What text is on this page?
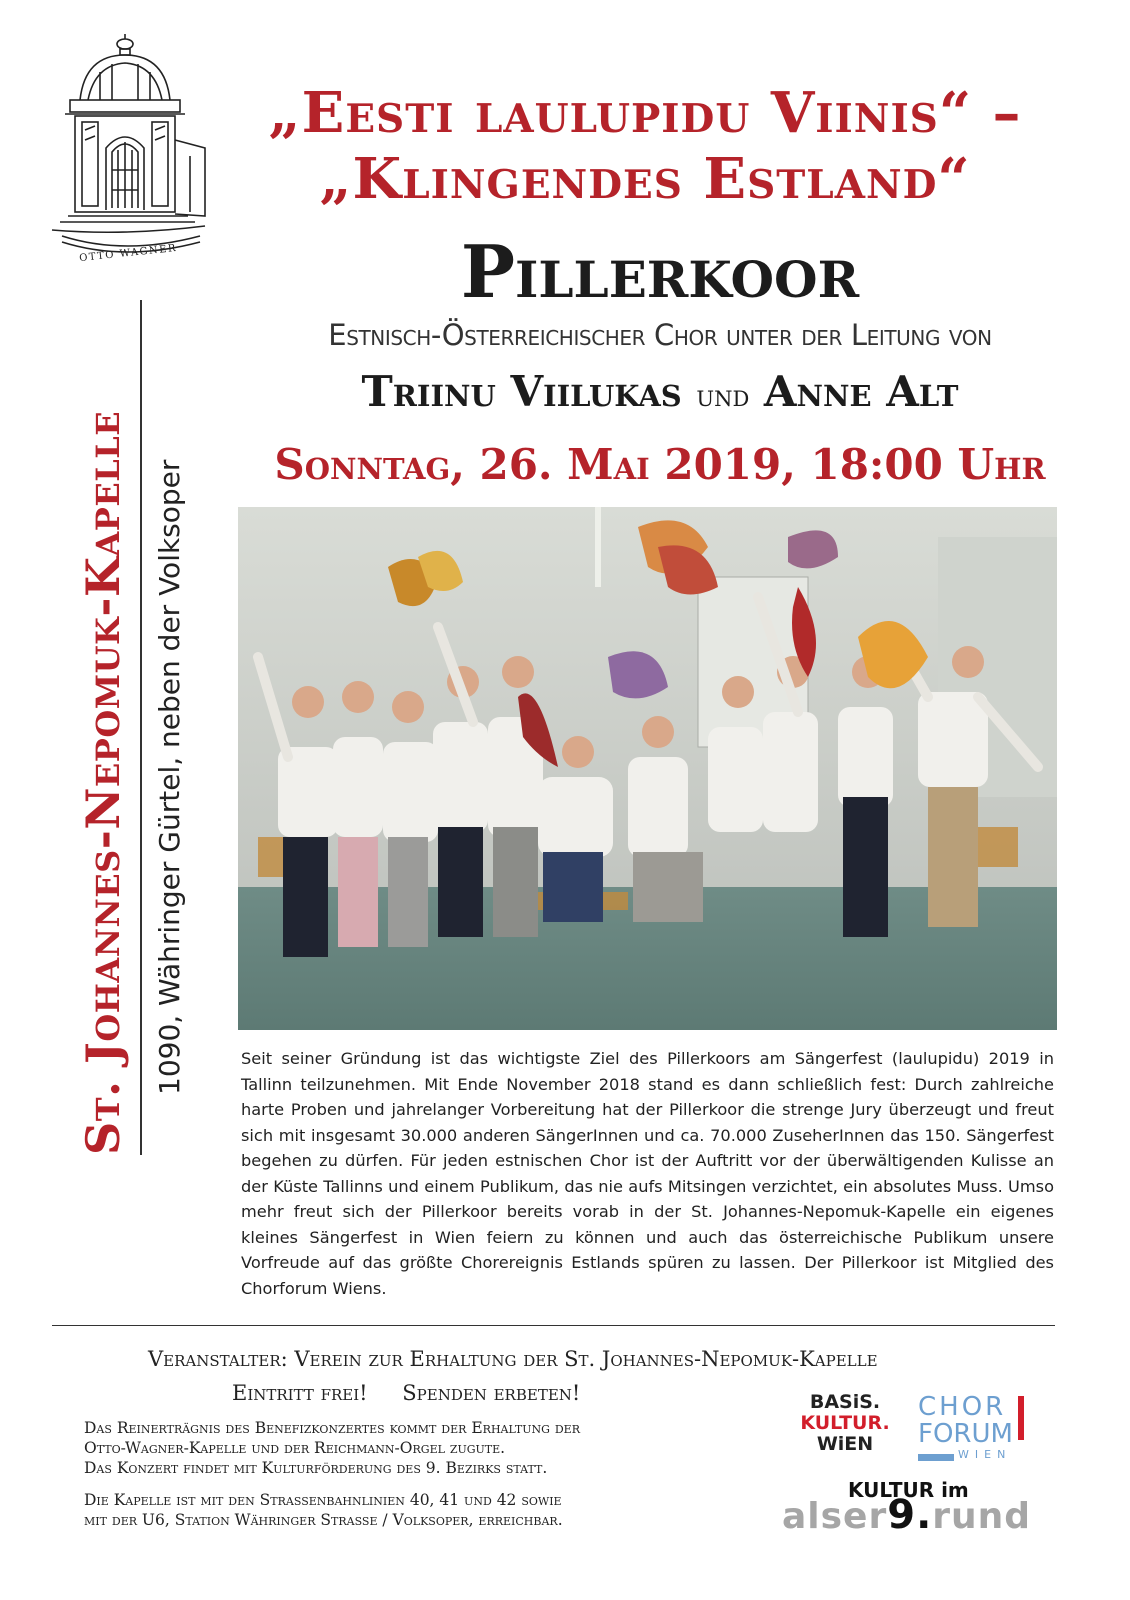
OTTO WAGNER
„Eesti laulupidu Viinis“ –
„Klingendes Estland“
Pillerkoor
Estnisch-Österreichischer Chor unter der Leitung von
Triinu Viilukas und Anne Alt
Sonntag, 26. Mai 2019, 18:00 Uhr
St. Johannes-Nepomuk-Kapelle 1090, Währinger Gürtel, neben der Volksoper	Seit seiner Gründung ist das wichtigste Ziel des Pillerkoors am Sängerfest (laulupidu) 2019 in Tallinn teilzunehmen. Mit Ende November 2018 stand es dann schließlich fest: Durch zahlreiche harte Proben und jahrelanger Vorbereitung hat der Pillerkoor die strenge Jury überzeugt und freut sich mit insgesamt 30.000 anderen SängerInnen und ca. 70.000 ZuseherInnen das 150. Sängerfest begehen zu dürfen. Für jeden estnischen Chor ist der Auftritt vor der überwältigenden Kulisse an der Küste Tallinns und einem Publikum, das nie aufs Mitsingen verzichtet, ein absolutes Muss. Umso mehr freut sich der Pillerkoor bereits vorab in der St. Johannes-Nepomuk-Kapelle ein eigenes kleines Sängerfest in Wien feiern zu können und auch das österreichische Publikum unsere Vorfreude auf das größte Chorereignis Estlands spüren zu lassen. Der Pillerkoor ist Mitglied des Chorforum Wiens.
Veranstalter: Verein zur Erhaltung der St. Johannes-Nepomuk-Kapelle
Eintritt frei! Spenden erbeten!
Das Reinerträgnis des Benefizkonzertes kommt der Erhaltung der
Otto-Wagner-Kapelle und der Reichmann-Orgel zugute.
Das Konzert findet mit Kulturförderung des 9. Bezirks statt.
Die Kapelle ist mit den Strassenbahnlinien 40, 41 und 42 sowie
mit der U6, Station Währinger Strasse / Volksoper, erreichbar.
BASiS.
KULTUR.
WiEN
CHOR
FORUM
WIEN
KULTUR im
alser9.rund
